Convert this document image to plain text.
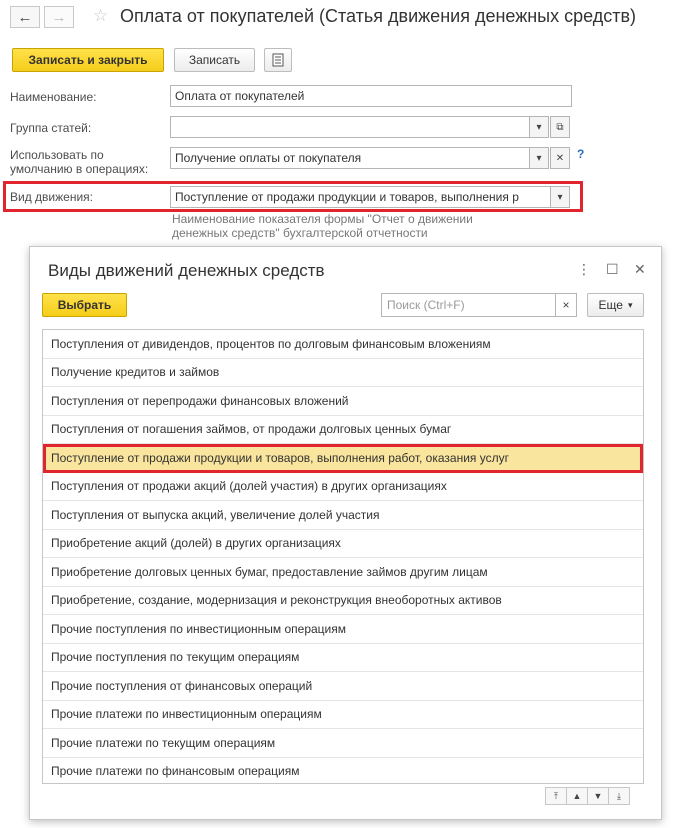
← → ☆ Оплата от покупателей (Статья движения денежных средств)
Записать и закрыть	Записать
Наименование:	Оплата от покупателей
Группа статей:	▾ ⧉
Использовать по
умолчанию в операциях:
Получение оплаты от покупателя	▾ ✕ ?
Вид движения:	Поступление от продажи продукции и товаров, выполнения р	▾
Наименование показателя формы "Отчет о движении
денежных средств" бухгалтерской отчетности
Виды движений денежных средств	⋮ ☐ ✕
Выбрать	Поиск (Ctrl+F)	×	Еще ▾
Поступления от дивидендов, процентов по долговым финансовым вложениям
Получение кредитов и займов
Поступления от перепродажи финансовых вложений
Поступления от погашения займов, от продажи долговых ценных бумаг
Поступление от продажи продукции и товаров, выполнения работ, оказания услуг
Поступления от продажи акций (долей участия) в других организациях
Поступления от выпуска акций, увеличение долей участия
Приобретение акций (долей) в других организациях
Приобретение долговых ценных бумаг, предоставление займов другим лицам
Приобретение, создание, модернизация и реконструкция внеоборотных активов
Прочие поступления по инвестиционным операциям
Прочие поступления по текущим операциям
Прочие поступления от финансовых операций
Прочие платежи по инвестиционным операциям
Прочие платежи по текущим операциям
Прочие платежи по финансовым операциям
⤒ ▲ ▼ ⤓
